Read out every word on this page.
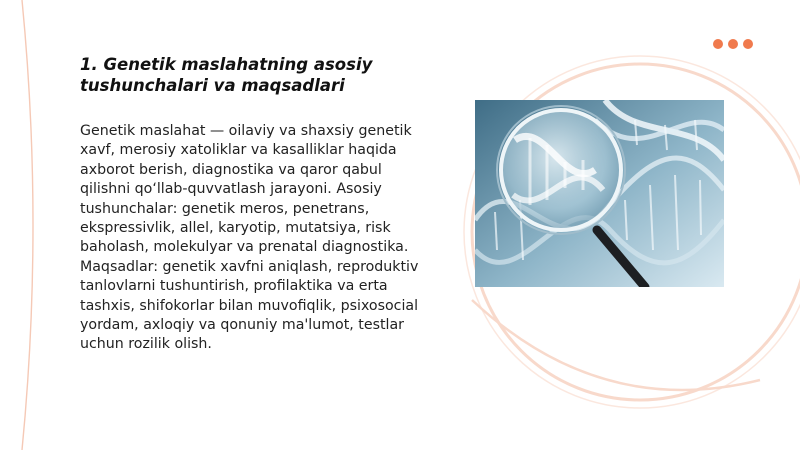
1. Genetik maslahatning asosiy tushunchalari va maqsadlari

Genetik maslahat — oilaviy va shaxsiy genetik xavf, merosiy xatoliklar va kasalliklar haqida axborot berish, diagnostika va qaror qabul qilishni qo‘llab-quvvatlash jarayoni. Asosiy tushunchalar: genetik meros, penetrans, ekspressivlik, allel, karyotip, mutatsiya, risk baholash, molekulyar va prenatal diagnostika. Maqsadlar: genetik xavfni aniqlash, reproduktiv tanlovlarni tushuntirish, profilaktika va erta tashxis, shifokorlar bilan muvofiqlik, psixosocial yordam, axloqiy va qonuniy ma'lumot, testlar uchun rozilik olish.
